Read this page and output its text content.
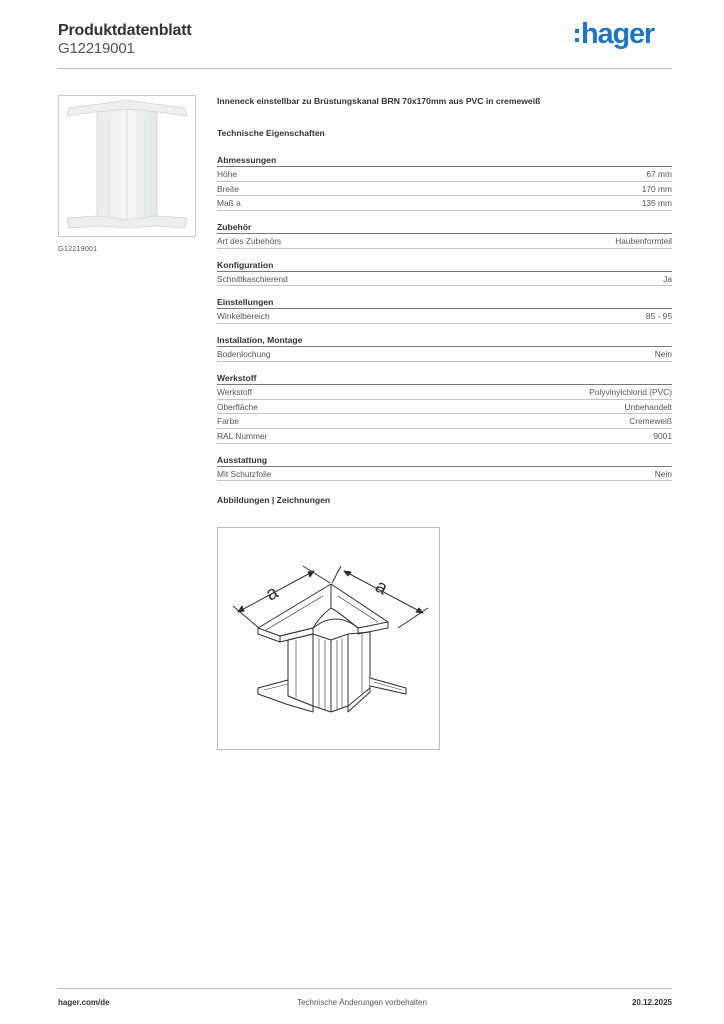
Produktdatenblatt
G12219001	hager
G12219001
Inneneck einstellbar zu Brüstungskanal BRN 70x170mm aus PVC in cremeweiß
Technische Eigenschaften
Abmessungen
Höhe	67 mm
Breite	170 mm
Maß a	135 mm
Zubehör
Art des Zubehörs	Haubenformteil
Konfiguration
Schnittkaschierend	Ja
Einstellungen
Winkelbereich	85 - 95
Installation, Montage
Bodenlochung	Nein
Werkstoff
Werkstoff	Polyvinylchlorid (PVC)
Oberfläche	Unbehandelt
Farbe	Cremeweiß
RAL Nummer	9001
Ausstattung
Mit Schutzfolie	Nein
Abbildungen | Zeichnungen
a	a
hager.com/de	Technische Änderungen vorbehalten	20.12.2025
